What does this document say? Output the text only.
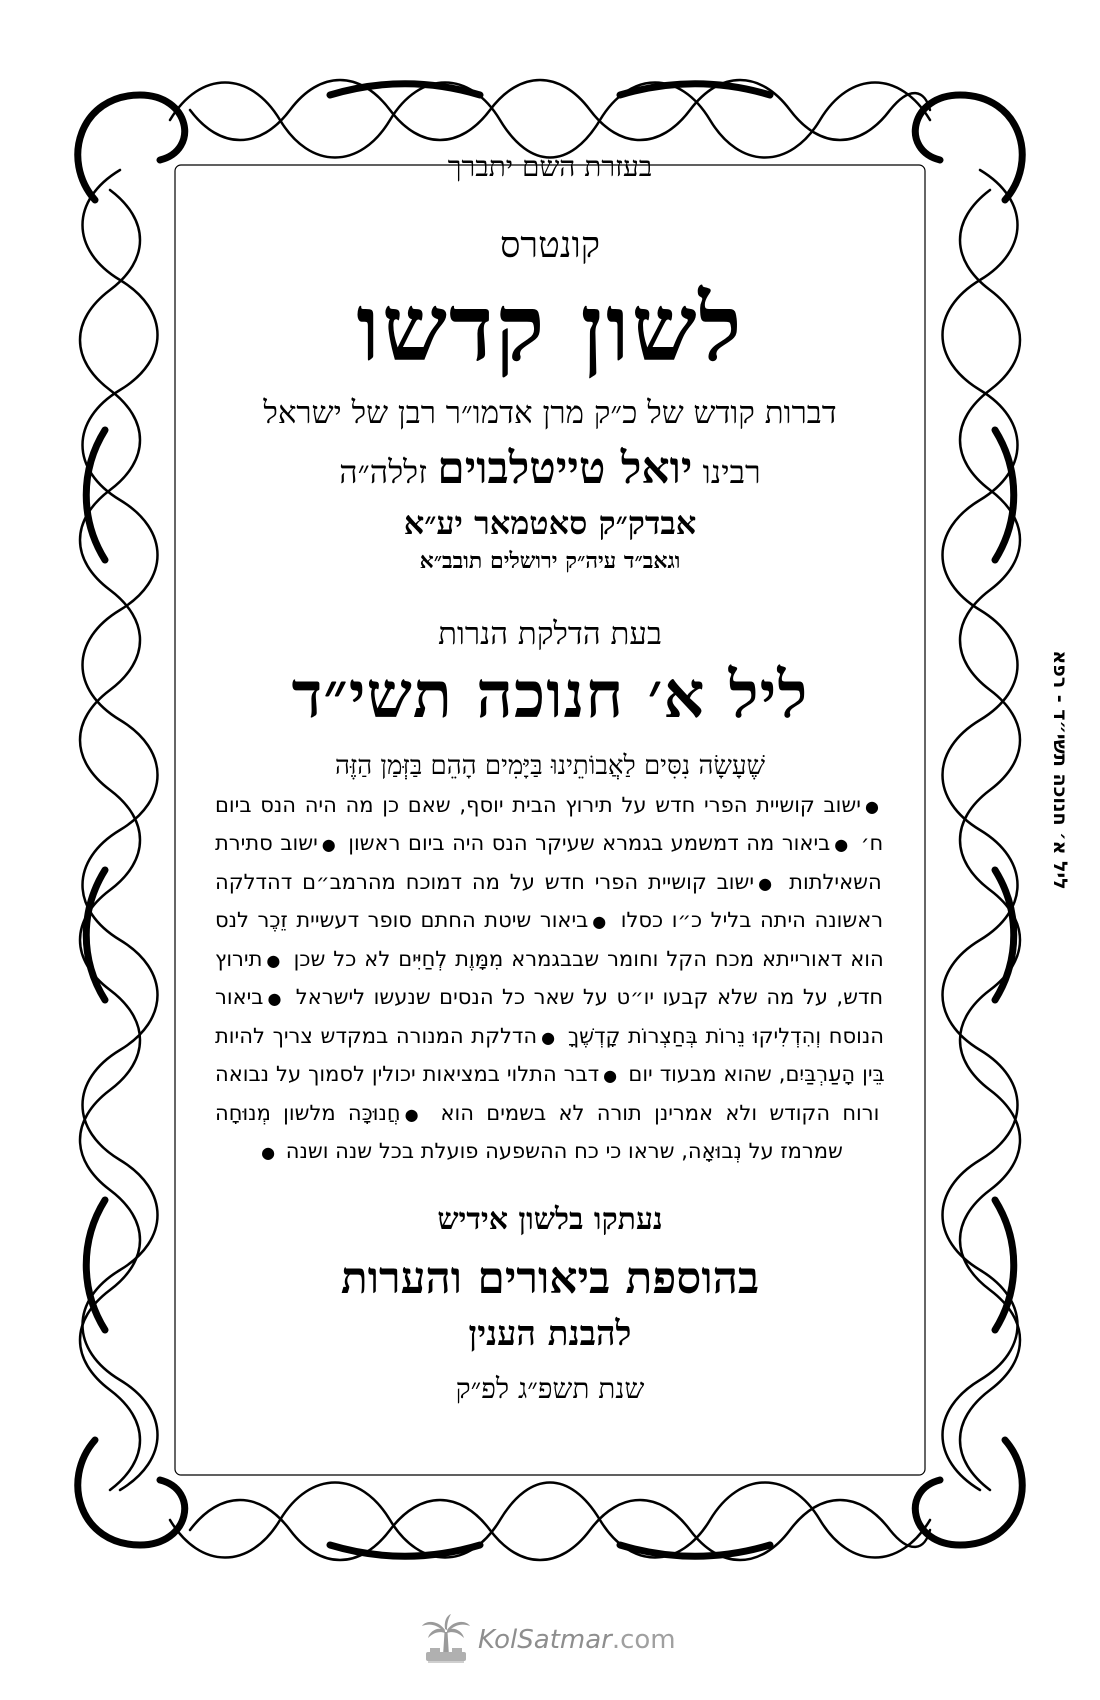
בעזרת השם יתברך
קונטרס
לשון קדשו
דברות קודש של כ״ק מרן אדמו״ר רבן של ישראל
רבינו יואל טייטלבוים זללה״ה
אבדק״ק סאטמאר יע״א
וגאב״ד עיה״ק ירושלים תובב״א
בעת הדלקת הנרות
ליל א׳ חנוכה תשי״ד
שֶׁעָשָׂה נִסִּים לַאֲבוֹתֵינוּ בַּיָּמִים הָהֵם בַּזְּמַן הַזֶּה
●ישוב קושיית הפרי חדש על תירוץ הבית יוסף, שאם כן מה היה הנס ביום ח׳ ●ביאור מה דמשמע בגמרא שעיקר הנס היה ביום ראשון ●ישוב סתירת השאילתות ●ישוב קושיית הפרי חדש על מה דמוכח מהרמב״ם דהדלקה ראשונה היתה בליל כ״ו כסלו ●ביאור שיטת החתם סופר דעשיית זֵכֶר לנס הוא דאורייתא מכח הקל וחומר שבבגמרא מִמָּוֶת לְחַיִּים לא כל שכן ●תירוץ חדש, על מה שלא קבעו יו״ט על שאר כל הנסים שנעשו לישראל ●ביאור הנוסח וְהִדְלִיקוּ נֵרוֹת בְּחַצְרוֹת קָדְשֶׁךָ ●הדלקת המנורה במקדש צריך להיות בֵּין הָעַרְבַּיִם, שהוא מבעוד יום ●דבר התלוי במציאות יכולין לסמוך על נבואה ורוח הקודש ולא אמרינן תורה לא בשמים הוא ●חֲנוּכָּה מלשון מְנוּחָה שמרמז על נְבוּאָה, שראו כי כח ההשפעה פועלת בכל שנה ושנה ●
נעתקו בלשון אידיש
בהוספת ביאורים והערות
להבנת הענין
שנת תשפ״ג לפ״ק
ליל א׳ חנוכה תשי״ד - רפא
KolSatmar.com
